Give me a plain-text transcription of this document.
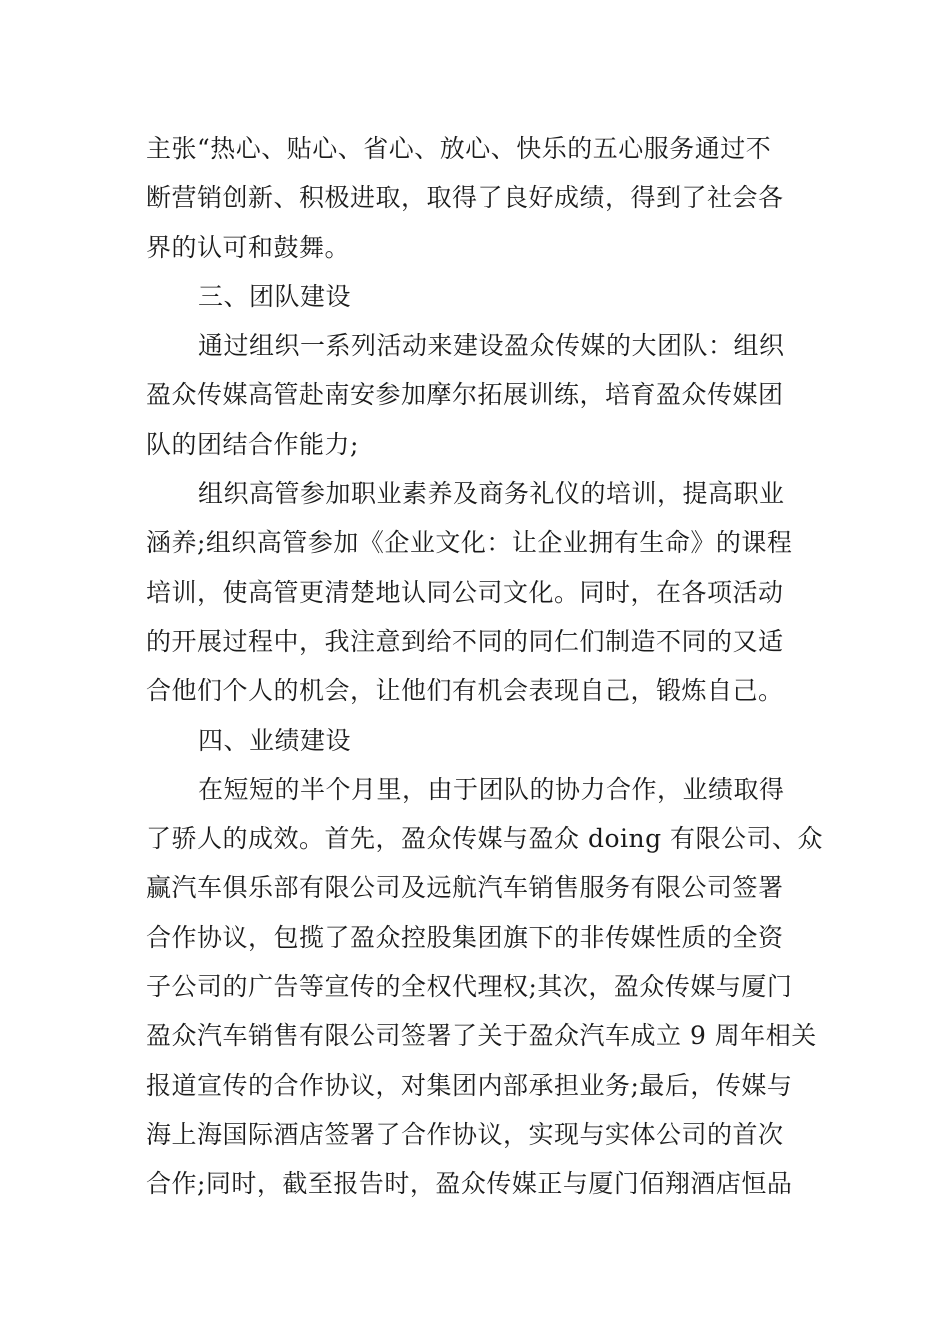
主张“热心、贴心、省心、放心、快乐的五心服务通过不
断营销创新、积极进取，取得了良好成绩，得到了社会各
界的认可和鼓舞。
三、团队建设
通过组织一系列活动来建设盈众传媒的大团队：组织
盈众传媒高管赴南安参加摩尔拓展训练，培育盈众传媒团
队的团结合作能力;
组织高管参加职业素养及商务礼仪的培训，提高职业
涵养;组织高管参加《企业文化：让企业拥有生命》的课程
培训，使高管更清楚地认同公司文化。同时，在各项活动
的开展过程中，我注意到给不同的同仁们制造不同的又适
合他们个人的机会，让他们有机会表现自己，锻炼自己。
四、业绩建设
在短短的半个月里，由于团队的协力合作，业绩取得
了骄人的成效。首先，盈众传媒与盈众 doing 有限公司、众
赢汽车俱乐部有限公司及远航汽车销售服务有限公司签署
合作协议，包揽了盈众控股集团旗下的非传媒性质的全资
子公司的广告等宣传的全权代理权;其次，盈众传媒与厦门
盈众汽车销售有限公司签署了关于盈众汽车成立 9 周年相关
报道宣传的合作协议，对集团内部承担业务;最后，传媒与
海上海国际酒店签署了合作协议，实现与实体公司的首次
合作;同时，截至报告时，盈众传媒正与厦门佰翔酒店恒品
